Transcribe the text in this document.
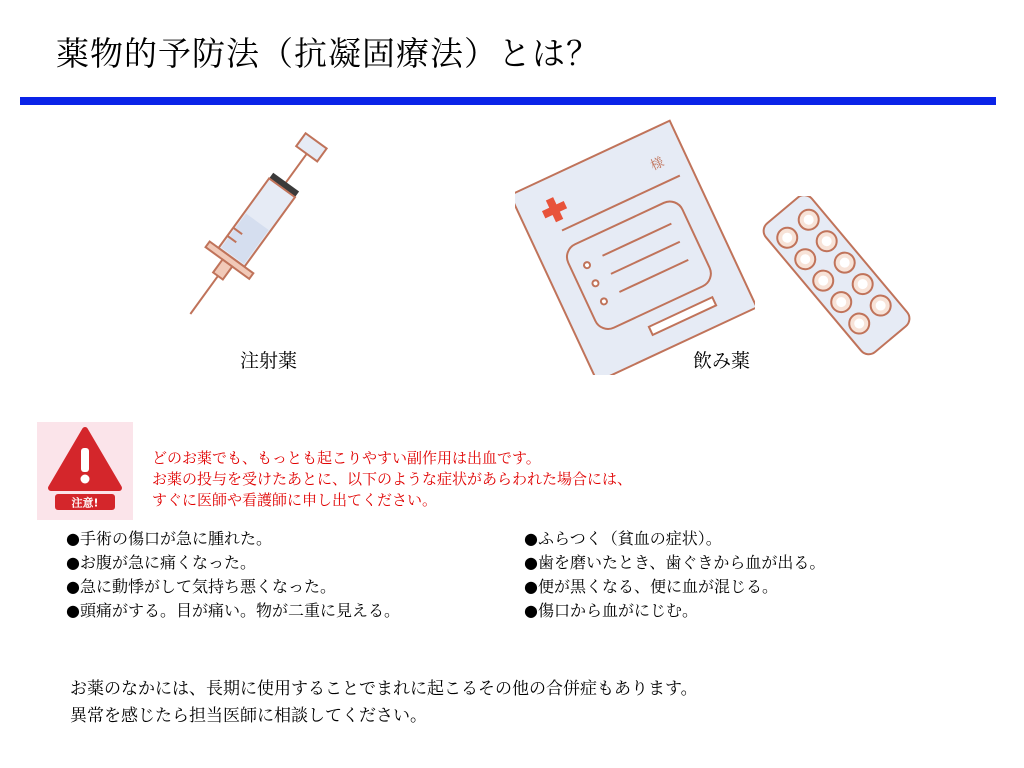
薬物的予防法（抗凝固療法）とは？
注射薬
様
飲み薬
注意!
どのお薬でも、もっとも起こりやすい副作用は出血です。
お薬の投与を受けたあとに、以下のような症状があらわれた場合には、
すぐに医師や看護師に申し出てください。
●手術の傷口が急に腫れた。
●お腹が急に痛くなった。
●急に動悸がして気持ち悪くなった。
●頭痛がする。目が痛い。物が二重に見える。
●ふらつく（貧血の症状）。
●歯を磨いたとき、歯ぐきから血が出る。
●便が黒くなる、便に血が混じる。
●傷口から血がにじむ。
お薬のなかには、長期に使用することでまれに起こるその他の合併症もあります。
異常を感じたら担当医師に相談してください。
